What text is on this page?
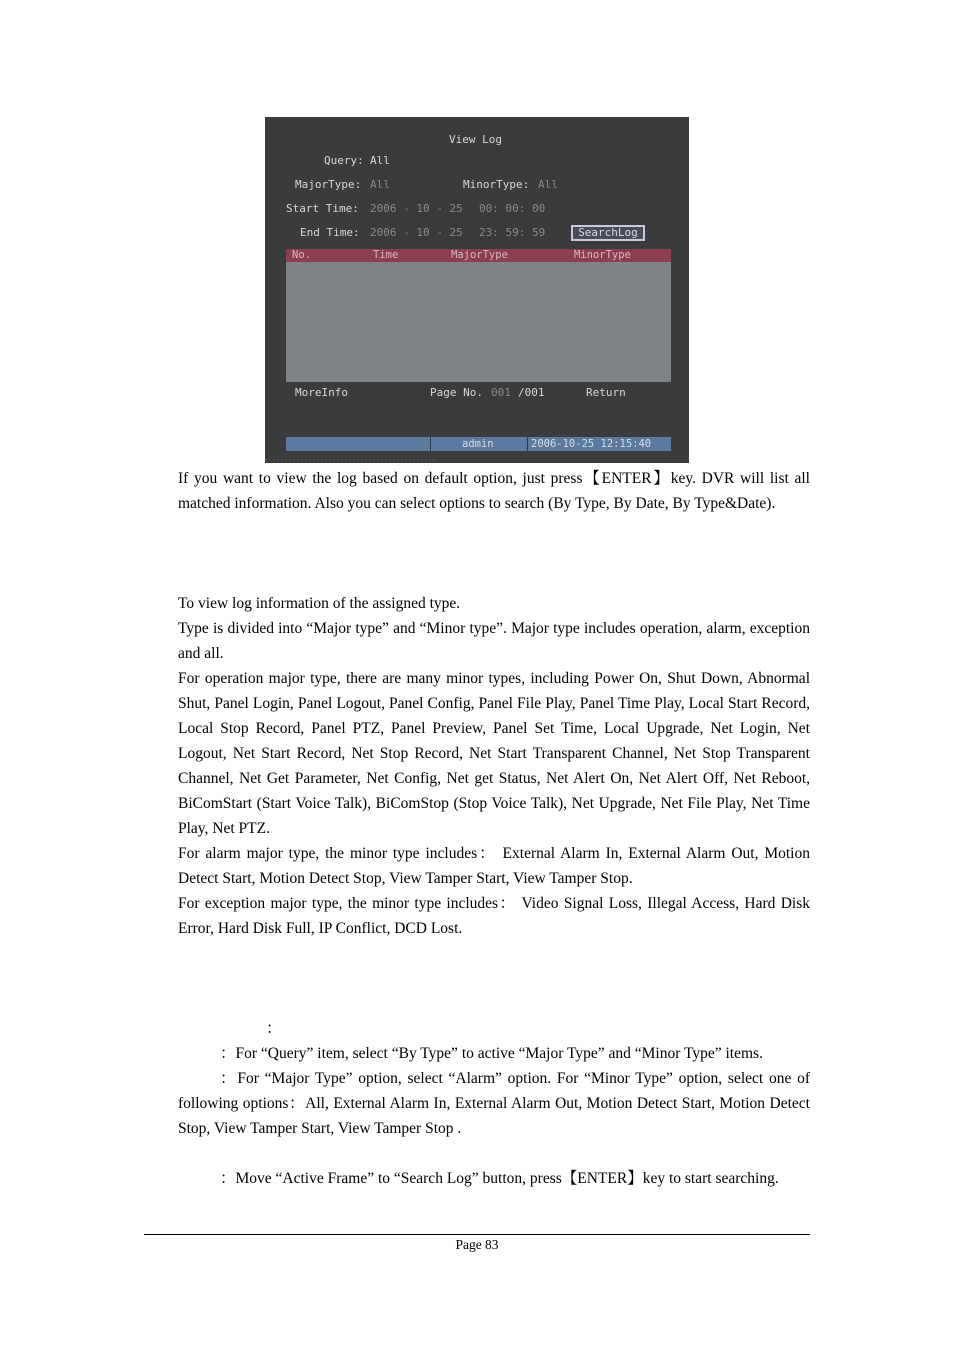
View Log
Query: All
MajorType: All	MinorType: All
Start Time: 2006 - 10 - 25 00: 00: 00
End Time: 2006 - 10 - 25 23: 59: 59	SearchLog
No.	Time	MajorType	MinorType
MoreInfo	Page No. 001 /001	Return
admin	2006-10-25 12:15:40

If you want to view the log based on default option, just press【ENTER】key. DVR will list all matched information. Also you can select options to search (By Type, By Date, By Type&Date).

To view log information of the assigned type.

Type is divided into “Major type” and “Minor type”. Major type includes operation, alarm, exception and all.

For operation major type, there are many minor types, including Power On, Shut Down, Abnormal Shut, Panel Login, Panel Logout, Panel Config, Panel File Play, Panel Time Play, Local Start Record, Local Stop Record, Panel PTZ, Panel Preview, Panel Set Time, Local Upgrade, Net Login, Net Logout, Net Start Record, Net Stop Record, Net Start Transparent Channel, Net Stop Transparent Channel, Net Get Parameter, Net Config, Net get Status, Net Alert On, Net Alert Off, Net Reboot, BiComStart (Start Voice Talk), BiComStop (Stop Voice Talk), Net Upgrade, Net File Play, Net Time Play, Net PTZ.

For alarm major type, the minor type includes： External Alarm In, External Alarm Out, Motion Detect Start, Motion Detect Stop, View Tamper Start, View Tamper Stop.

For exception major type, the minor type includes： Video Signal Loss, Illegal Access, Hard Disk Error, Hard Disk Full, IP Conflict, DCD Lost.

：
：For “Query” item, select “By Type” to active “Major Type” and “Minor Type” items.

：For “Major Type” option, select “Alarm” option. For “Minor Type” option, select one of following options：All, External Alarm In, External Alarm Out, Motion Detect Start, Motion Detect Stop, View Tamper Start, View Tamper Stop .

：Move “Active Frame” to “Search Log” button, press【ENTER】key to start searching.
Page 83
